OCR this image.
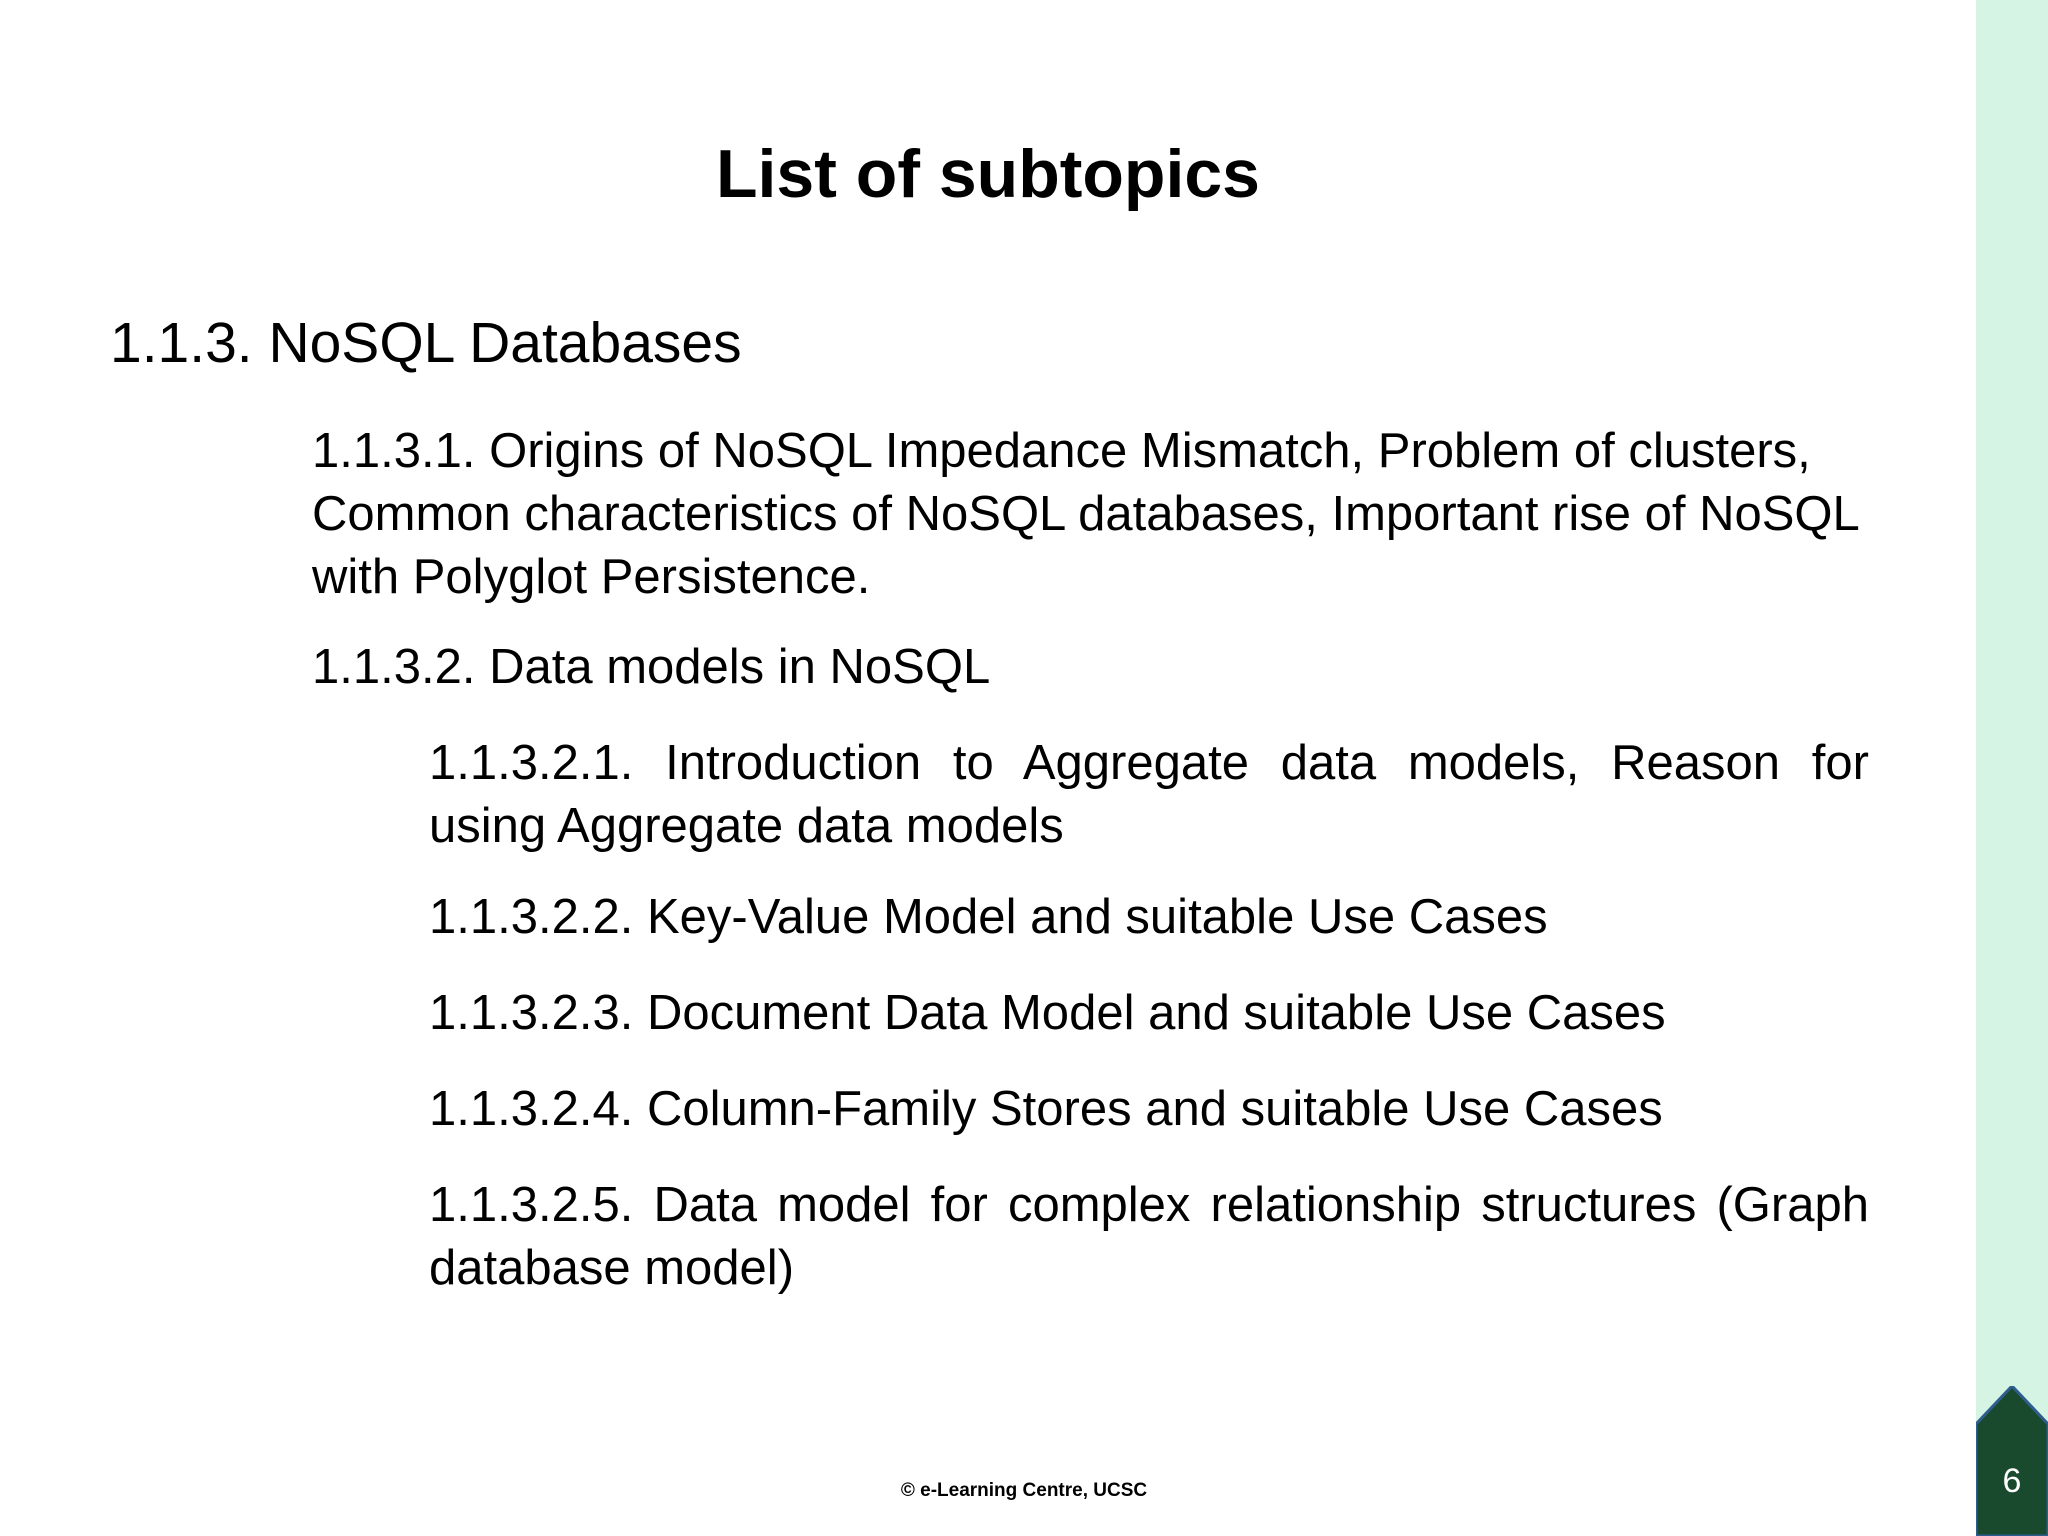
List of subtopics
1.1.3. NoSQL Databases
1.1.3.1. Origins of NoSQL Impedance Mismatch, Problem of clusters, Common characteristics of NoSQL databases, Important rise of NoSQL with Polyglot Persistence.
1.1.3.2. Data models in NoSQL
1.1.3.2.1. Introduction to Aggregate data models, Reason for using Aggregate data models
1.1.3.2.2. Key-Value Model and suitable Use Cases
1.1.3.2.3. Document Data Model and suitable Use Cases
1.1.3.2.4. Column-Family Stores and suitable Use Cases
1.1.3.2.5. Data model for complex relationship structures (Graph database model)
© e-Learning Centre, UCSC	6
